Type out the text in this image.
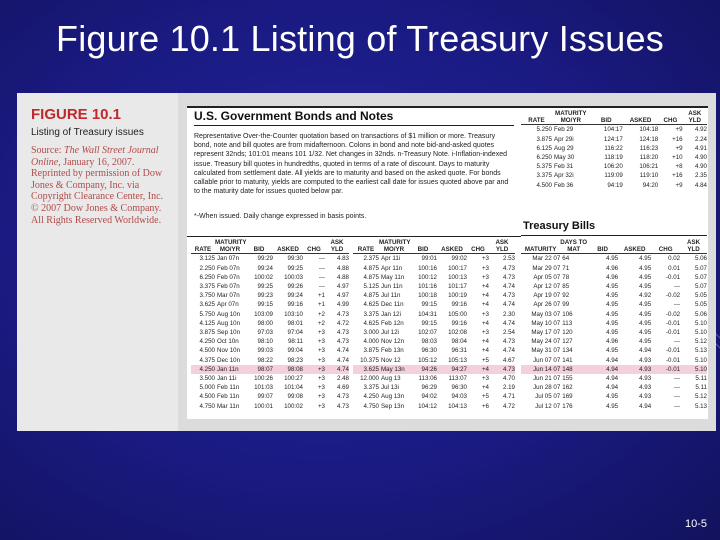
Figure 10.1 Listing of Treasury Issues
FIGURE 10.1
Listing of Treasury issues
Source: The Wall Street Journal Online, January 16, 2007. Reprinted by permission of Dow Jones & Company, Inc. via Copyright Clearance Center, Inc. © 2007 Dow Jones & Company. All Rights Reserved Worldwide.
U.S. Government Bonds and Notes
Representative Over-the-Counter quotation based on transactions of $1 million or more. Treasury bond, note and bill quotes are from midafternoon. Colons in bond and note bid-and-asked quotes represent 32nds; 101:01 means 101 1/32. Net changes in 32nds. n-Treasury Note. i-Inflation-indexed issue. Treasury bill quotes in hundredths, quoted in terms of a rate of discount. Days to maturity calculated from settlement date. All yields are to maturity and based on the asked quote. For bonds callable prior to maturity, yields are computed to the earliest call date for issues quoted above par and to the maturity date for issues quoted below par.
*-When issued. Daily change expressed in basis points.
RATE	MATURITY MO/YR	BID	ASKED	CHG	ASK YLD
5.250	Feb 29	104:17	104:18	+9	4.92
3.875	Apr 29i	124:17	124:18	+16	2.24
6.125	Aug 29	116:22	116:23	+9	4.91
6.250	May 30	118:19	118:20	+10	4.90
5.375	Feb 31	106:20	106:21	+8	4.90
3.375	Apr 32i	119:09	119:10	+16	2.35
4.500	Feb 36	94:19	94:20	+9	4.84
Treasury Bills
RATE	MATURITY MO/YR	BID	ASKED	CHG	ASK YLD
3.125	Jan 07n	99:29	99:30	---	4.83
2.250	Feb 07n	99:24	99:25	---	4.88
6.250	Feb 07n	100:02	100:03	---	4.88
3.375	Feb 07n	99:25	99:26	---	4.97
3.750	Mar 07n	99:23	99:24	+1	4.97
3.625	Apr 07n	99:15	99:16	+1	4.99
5.750	Aug 10n	103:09	103:10	+2	4.73
4.125	Aug 10n	98:00	98:01	+2	4.72
3.875	Sep 10n	97:03	97:04	+3	4.73
4.250	Oct 10n	98:10	98:11	+3	4.73
4.500	Nov 10n	99:03	99:04	+3	4.74
4.375	Dec 10n	98:22	98:23	+3	4.74
4.250	Jan 11n	98:07	98:08	+3	4.74
3.500	Jan 11i	100:26	100:27	+3	2.48
5.000	Feb 11n	101:03	101:04	+3	4.69
4.500	Feb 11n	99:07	99:08	+3	4.73
4.750	Mar 11n	100:01	100:02	+3	4.73
RATE	MATURITY MO/YR	BID	ASKED	CHG	ASK YLD
2.375	Apr 11i	99:01	99:02	+3	2.53
4.875	Apr 11n	100:16	100:17	+3	4.73
4.875	May 11n	100:12	100:13	+3	4.73
5.125	Jun 11n	101:16	101:17	+4	4.74
4.875	Jul 11n	100:18	100:19	+4	4.73
4.625	Dec 11n	99:15	99:16	+4	4.74
3.375	Jan 12i	104:31	105:00	+3	2.30
4.625	Feb 12n	99:15	99:16	+4	4.74
3.000	Jul 12i	102:07	102:08	+3	2.54
4.000	Nov 12n	98:03	98:04	+4	4.73
3.875	Feb 13n	96:30	96:31	+4	4.74
10.375	Nov 12	105:12	105:13	+5	4.67
3.625	May 13n	94:26	94:27	+4	4.73
12.000	Aug 13	113:06	113:07	+3	4.70
3.375	Jul 13i	96:29	96:30	+4	2.19
4.250	Aug 13n	94:02	94:03	+5	4.71
4.750	Sep 13n	104:12	104:13	+6	4.72
MATURITY	DAYS TO MAT	BID	ASKED	CHG	ASK YLD
Mar 22 07	64	4.95	4.95	0.02	5.06
Mar 29 07	71	4.96	4.95	0.01	5.07
Apr 05 07	78	4.96	4.95	-0.01	5.07
Apr 12 07	85	4.95	4.95	---	5.07
Apr 19 07	92	4.95	4.92	-0.02	5.05
Apr 26 07	99	4.95	4.95	---	5.05
May 03 07	106	4.95	4.95	-0.02	5.06
May 10 07	113	4.95	4.95	-0.01	5.10
May 17 07	120	4.95	4.95	-0.01	5.10
May 24 07	127	4.96	4.95	---	5.12
May 31 07	134	4.95	4.94	-0.01	5.13
Jun 07 07	141	4.94	4.93	-0.01	5.10
Jun 14 07	148	4.94	4.93	-0.01	5.10
Jun 21 07	155	4.94	4.93	---	5.11
Jun 28 07	162	4.94	4.93	---	5.11
Jul 05 07	169	4.95	4.93	---	5.12
Jul 12 07	176	4.95	4.94	---	5.13
10-5
